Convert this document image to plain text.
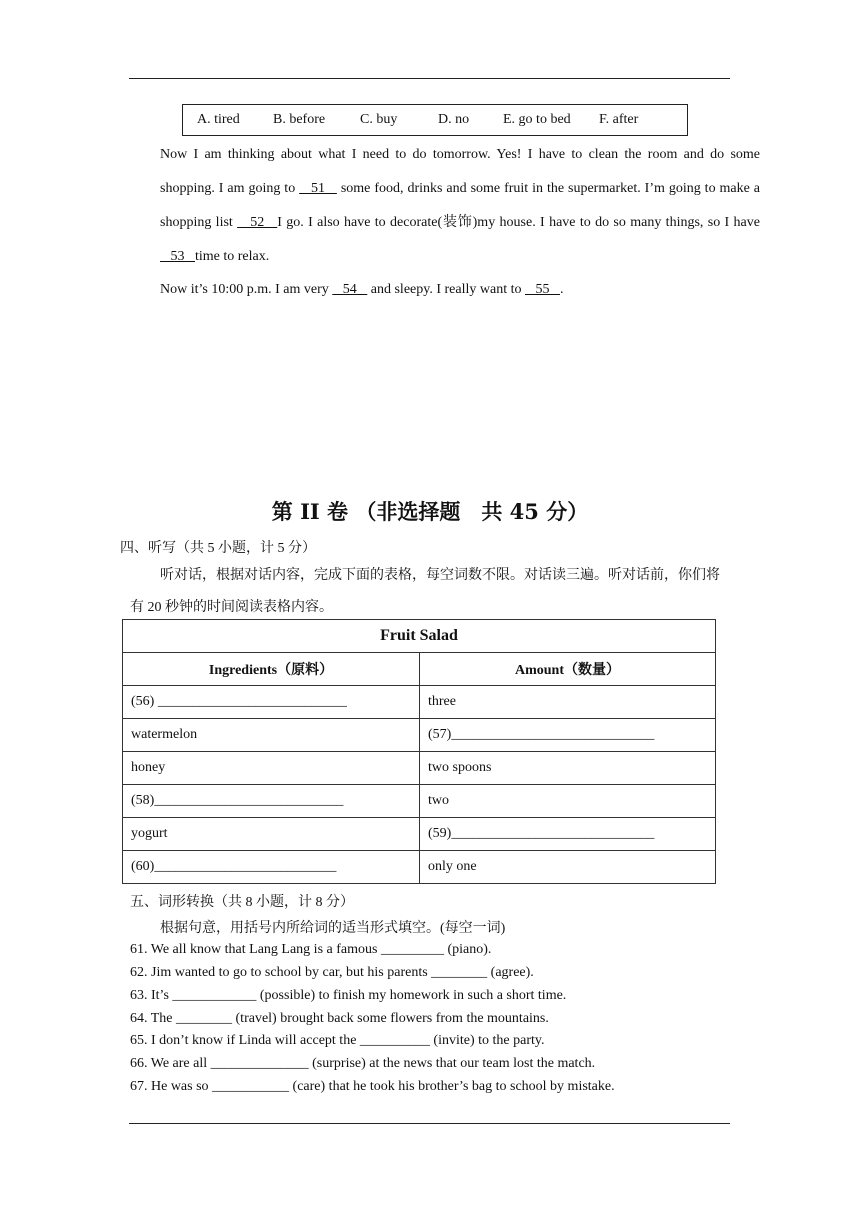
A. tired	B. before	C. buy	D. no	E. go to bed	F. after
Now I am thinking about what I need to do tomorrow. Yes! I have to clean the room and do some shopping. I am going to    51    some food, drinks and some fruit in the supermarket. I’m going to make a shopping list    52   I go. I also have to decorate(装饰)my house. I have to do so many things, so I have    53   time to relax.
Now it’s 10:00 p.m. I am very    54    and sleepy. I really want to    55   .
第 II 卷 （非选择题　共 45 分）
四、听写（共 5 小题，计 5 分）
听对话，根据对话内容，完成下面的表格，每空词数不限。对话读三遍。听对话前，你们将有 20 秒钟的时间阅读表格内容。
Fruit Salad	
Ingredients（原料）	Amount（数量）
(56) ___________________________	three
watermelon	(57)_____________________________
honey	two spoons
(58)___________________________	two
yogurt	(59)_____________________________
(60)__________________________	only one
五、词形转换（共 8 小题，计 8 分）
根据句意，用括号内所给词的适当形式填空。(每空一词)
61. We all know that Lang Lang is a famous _________ (piano).
62. Jim wanted to go to school by car, but his parents ________ (agree).
63. It’s ____________ (possible) to finish my homework in such a short time.
64. The ________ (travel) brought back some flowers from the mountains.
65. I don’t know if Linda will accept the __________ (invite) to the party.
66. We are all ______________ (surprise) at the news that our team lost the match.
67. He was so ___________ (care) that he took his brother’s bag to school by mistake.
